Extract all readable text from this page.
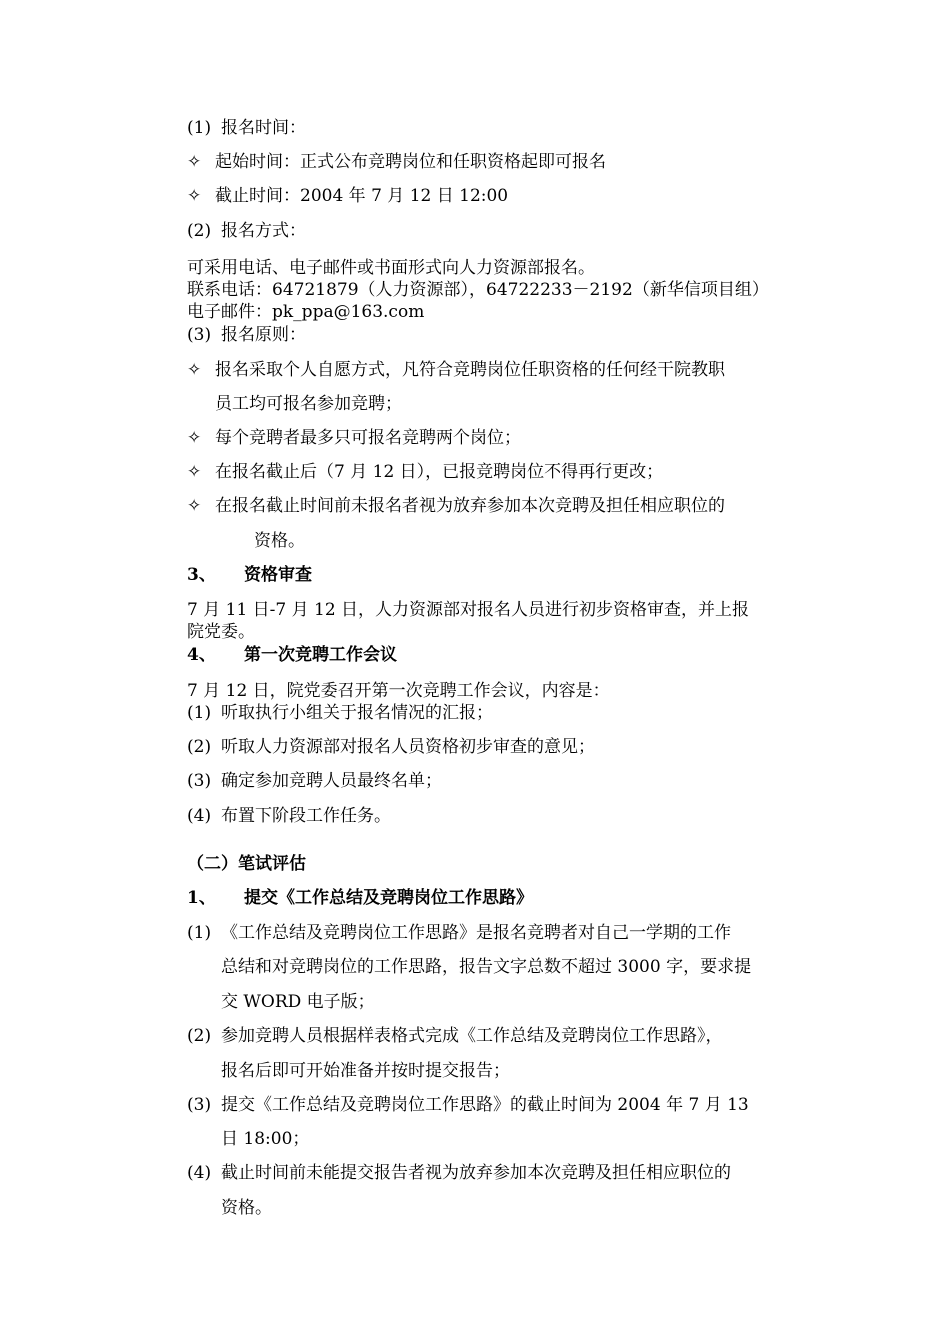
(1) 报名时间：
✧ 起始时间：正式公布竞聘岗位和任职资格起即可报名
✧ 截止时间：2004 年 7 月 12 日 12:00
(2) 报名方式：
可采用电话、电子邮件或书面形式向人力资源部报名。
联系电话：64721879（人力资源部），64722233－2192（新华信项目组）
电子邮件：pk_ppa@163.com
(3) 报名原则：
✧ 报名采取个人自愿方式，凡符合竞聘岗位任职资格的任何经干院教职
员工均可报名参加竞聘；
✧ 每个竞聘者最多只可报名竞聘两个岗位；
✧ 在报名截止后（7 月 12 日），已报竞聘岗位不得再行更改；
✧ 在报名截止时间前未报名者视为放弃参加本次竞聘及担任相应职位的
资格。
3、 资格审查
7 月 11 日-7 月 12 日，人力资源部对报名人员进行初步资格审查，并上报
院党委。
4、 第一次竞聘工作会议
7 月 12 日，院党委召开第一次竞聘工作会议，内容是：
(1) 听取执行小组关于报名情况的汇报；
(2) 听取人力资源部对报名人员资格初步审查的意见；
(3) 确定参加竞聘人员最终名单；
(4) 布置下阶段工作任务。
（二）笔试评估
1、 提交《工作总结及竞聘岗位工作思路》
(1) 《工作总结及竞聘岗位工作思路》是报名竞聘者对自己一学期的工作
总结和对竞聘岗位的工作思路，报告文字总数不超过 3000 字，要求提
交 WORD 电子版；
(2) 参加竞聘人员根据样表格式完成《工作总结及竞聘岗位工作思路》，
报名后即可开始准备并按时提交报告；
(3) 提交《工作总结及竞聘岗位工作思路》的截止时间为 2004 年 7 月 13
日 18:00；
(4) 截止时间前未能提交报告者视为放弃参加本次竞聘及担任相应职位的
资格。
